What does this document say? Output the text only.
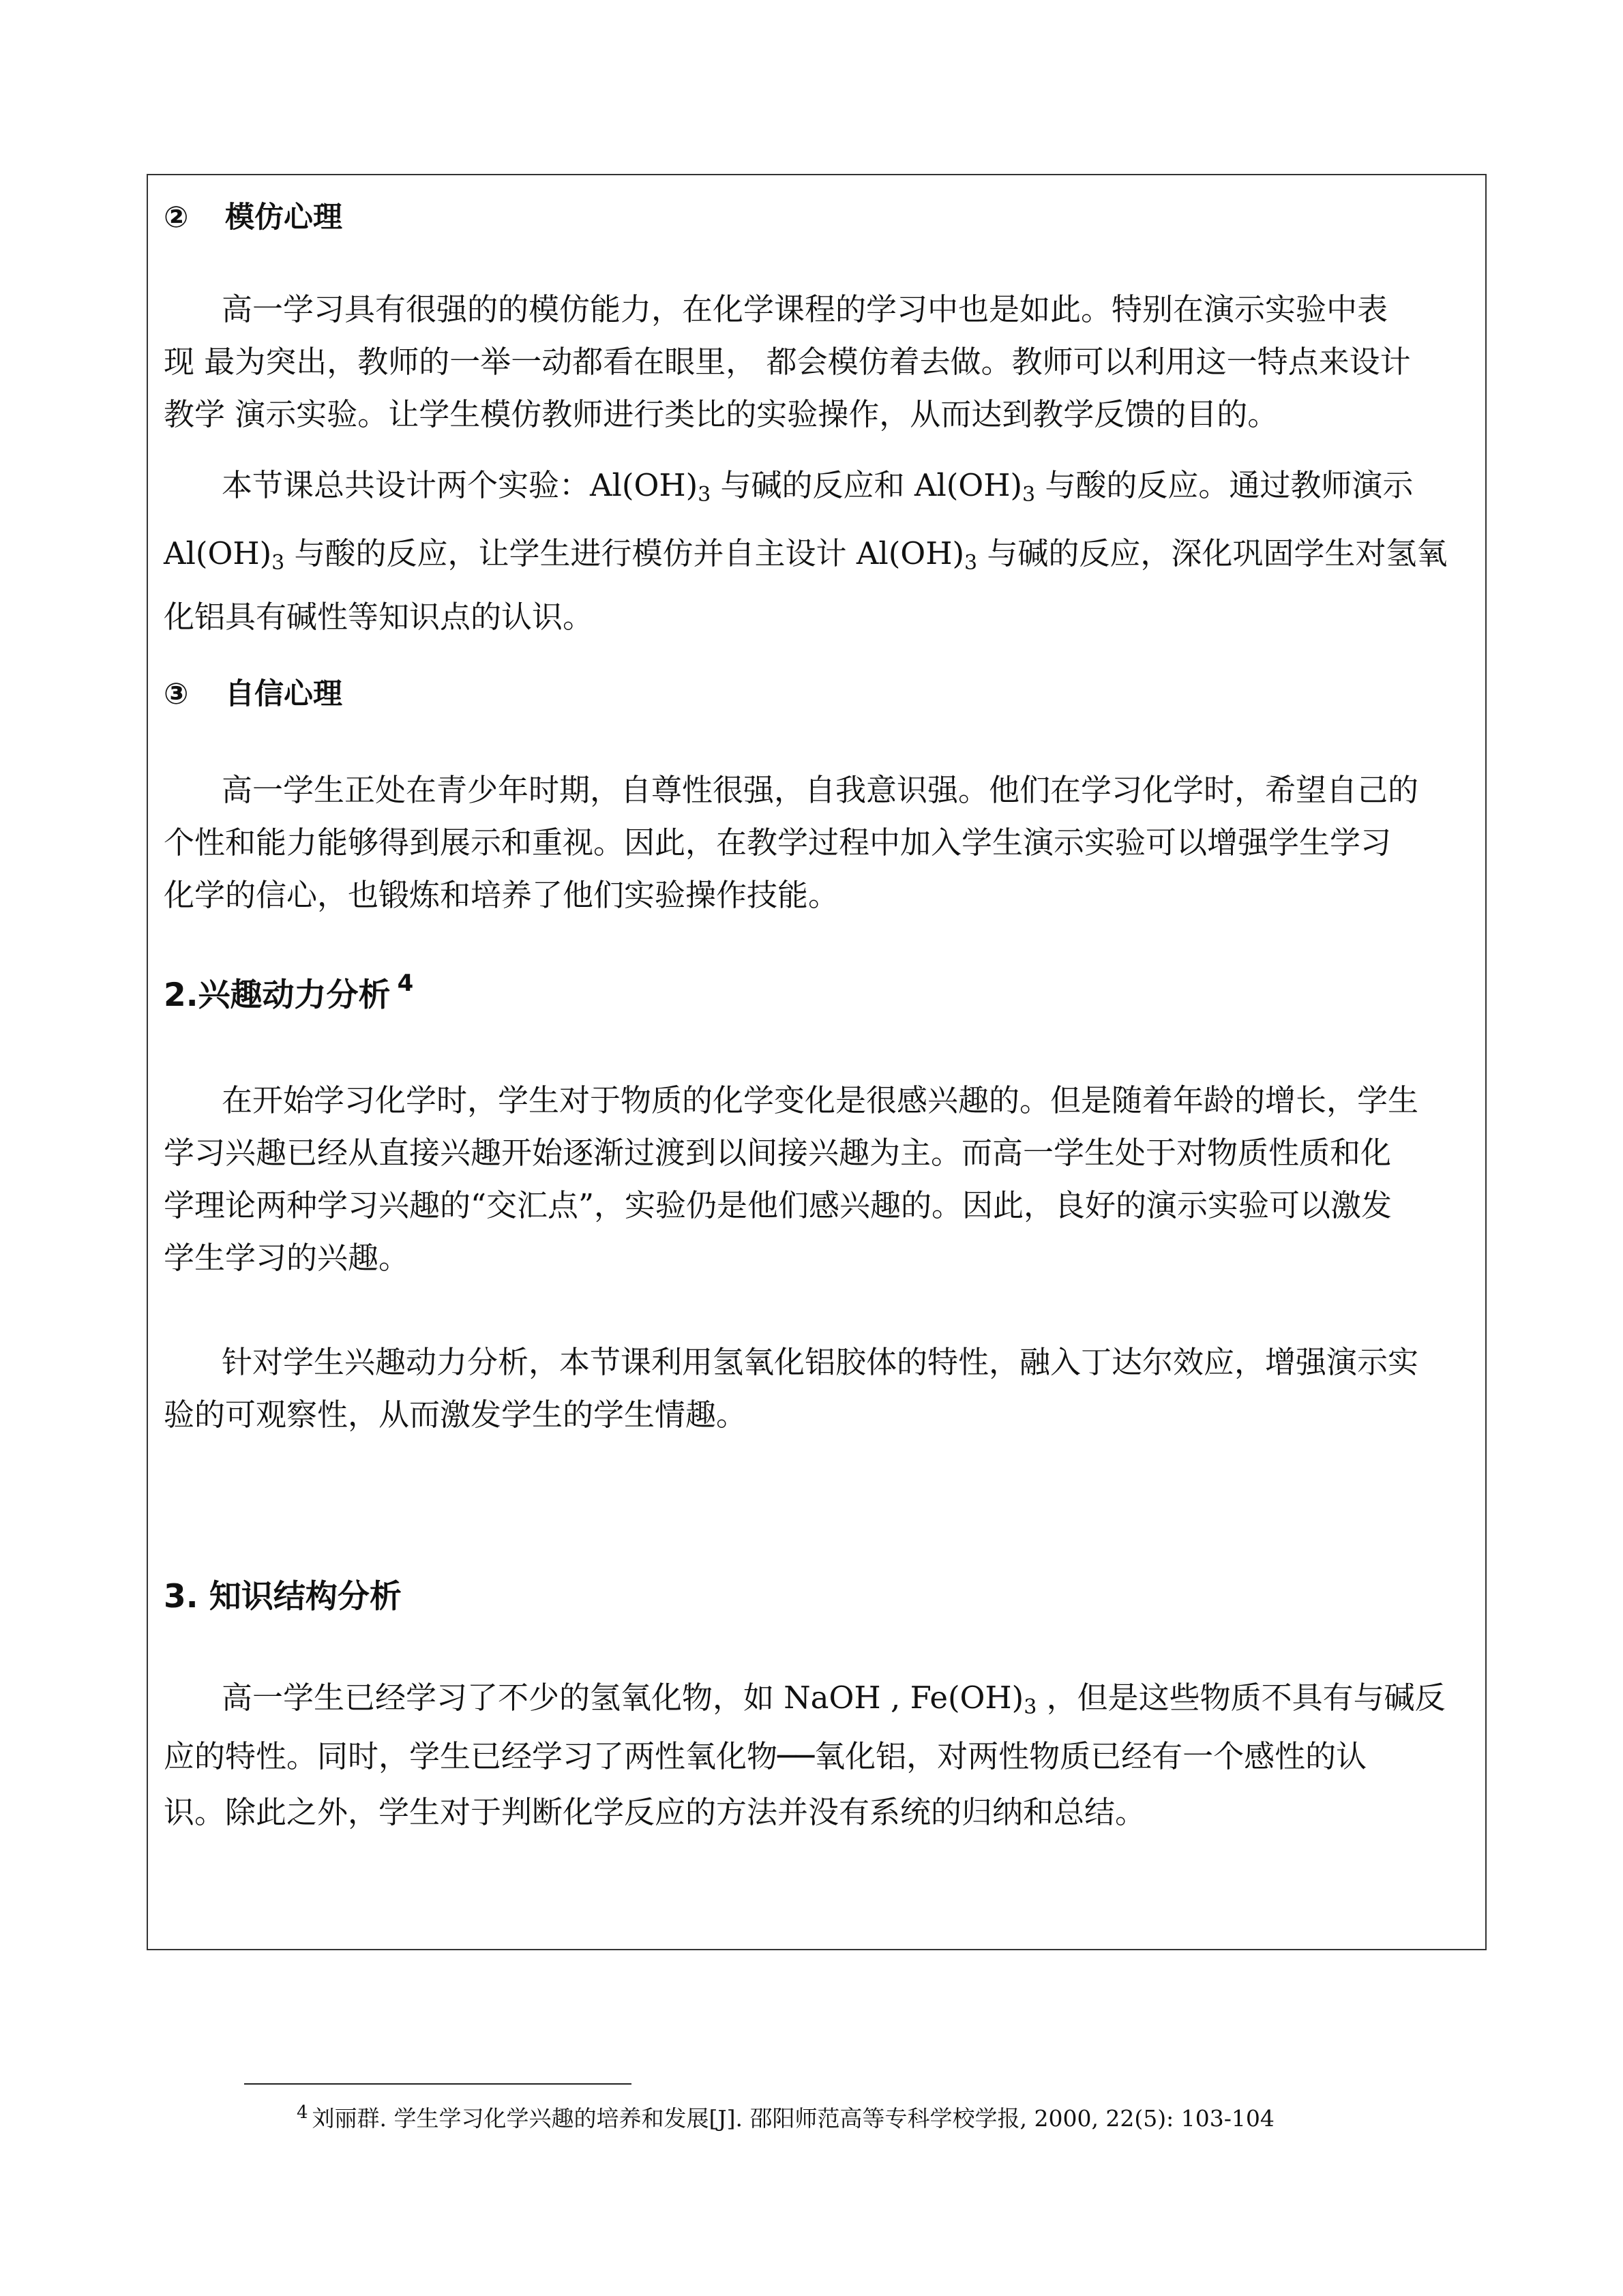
② 模仿心理
高一学习具有很强的的模仿能力，在化学课程的学习中也是如此。特别在演示实验中表
现 最为突出，教师的一举一动都看在眼里， 都会模仿着去做。教师可以利用这一特点来设计
教学 演示实验。让学生模仿教师进行类比的实验操作，从而达到教学反馈的目的。
本节课总共设计两个实验：$Al(OH)_3$ 与碱的反应和 $Al(OH)_3$ 与酸的反应。通过教师演示
$Al(OH)_3$ 与酸的反应，让学生进行模仿并自主设计 $Al(OH)_3$ 与碱的反应，深化巩固学生对氢氧
化铝具有碱性等知识点的认识。
③ 自信心理
高一学生正处在青少年时期，自尊性很强，自我意识强。他们在学习化学时，希望自己的
个性和能力能够得到展示和重视。因此，在教学过程中加入学生演示实验可以增强学生学习
化学的信心，也锻炼和培养了他们实验操作技能。
2.兴趣动力分析 $^4$
在开始学习化学时，学生对于物质的化学变化是很感兴趣的。但是随着年龄的增长，学生
学习兴趣已经从直接兴趣开始逐渐过渡到以间接兴趣为主。而高一学生处于对物质性质和化
学理论两种学习兴趣的“交汇点”，实验仍是他们感兴趣的。因此，良好的演示实验可以激发
学生学习的兴趣。
针对学生兴趣动力分析，本节课利用氢氧化铝胶体的特性，融入丁达尔效应，增强演示实
验的可观察性，从而激发学生的学生情趣。
3. 知识结构分析
高一学生已经学习了不少的氢氧化物，如 NaOH , $Fe(OH)_3$ ，但是这些物质不具有与碱反
应的特性。同时，学生已经学习了两性氧化物──氧化铝，对两性物质已经有一个感性的认
识。除此之外，学生对于判断化学反应的方法并没有系统的归纳和总结。
$^4$ 刘丽群. 学生学习化学兴趣的培养和发展[J]. 邵阳师范高等专科学校学报, 2000, 22(5): 103-104
